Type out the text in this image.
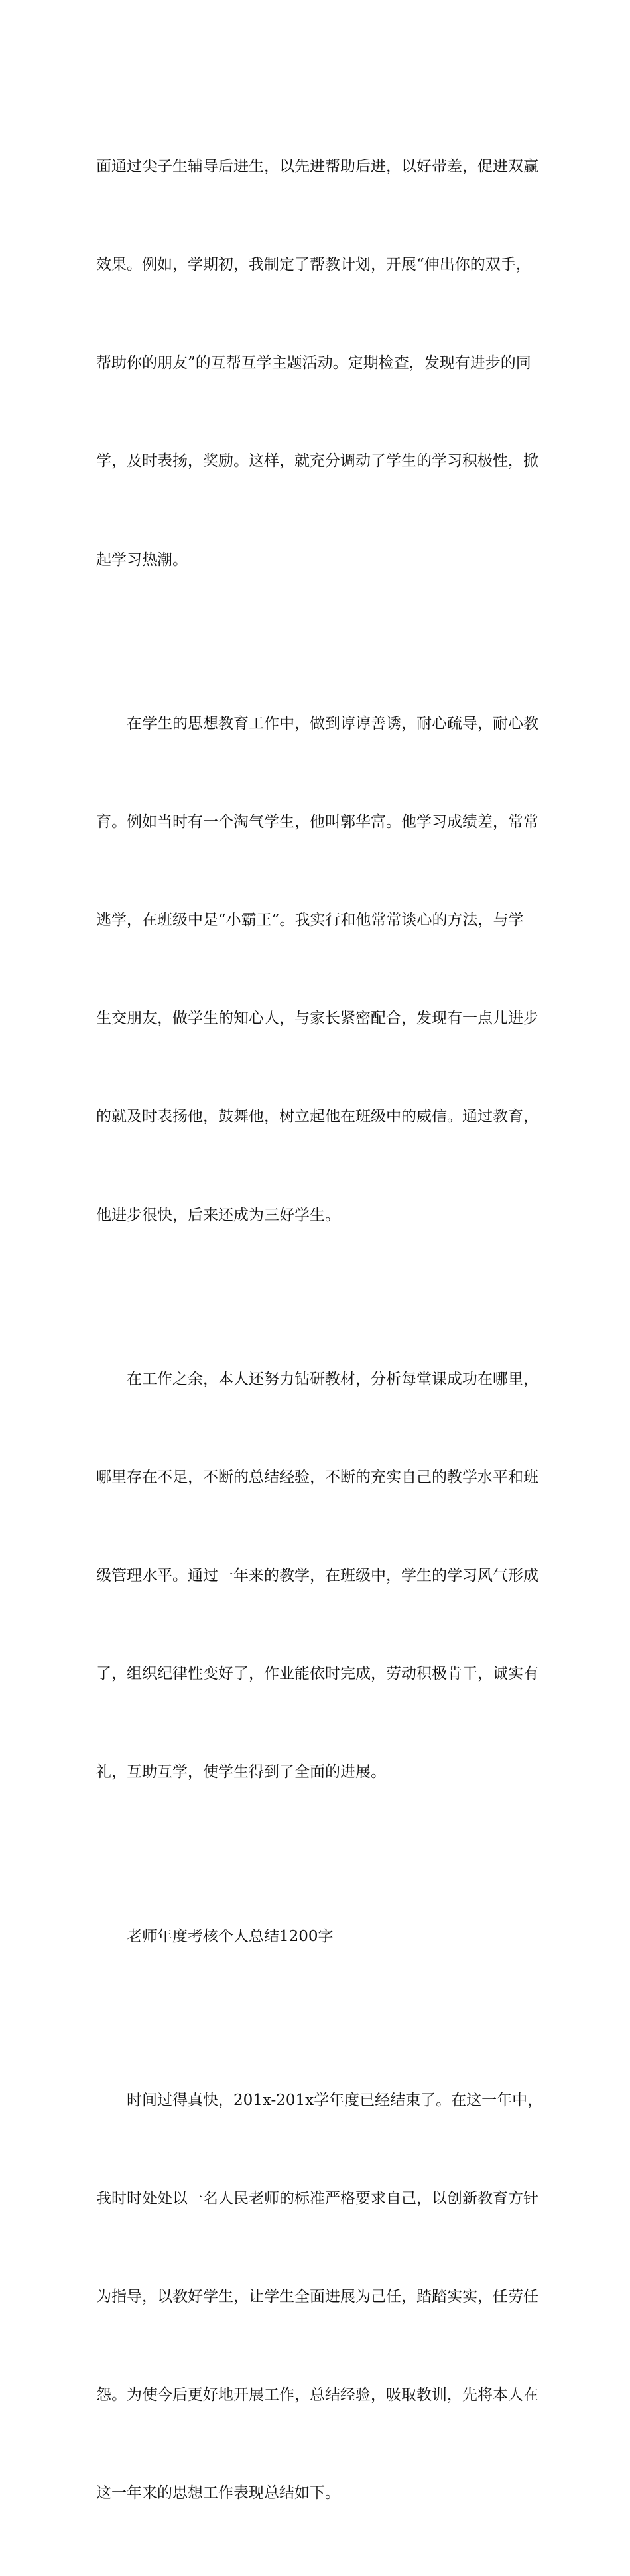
面通过尖子生辅导后进生，以先进帮助后进，以好带差，促进双赢

效果。例如，学期初，我制定了帮教计划，开展“伸出你的双手，

帮助你的朋友”的互帮互学主题活动。定期检查，发现有进步的同

学，及时表扬，奖励。这样，就充分调动了学生的学习积极性，掀

起学习热潮。

　　在学生的思想教育工作中，做到谆谆善诱，耐心疏导，耐心教

育。例如当时有一个淘气学生，他叫郭华富。他学习成绩差，常常

逃学，在班级中是“小霸王”。我实行和他常常谈心的方法，与学

生交朋友，做学生的知心人，与家长紧密配合，发现有一点儿进步

的就及时表扬他，鼓舞他，树立起他在班级中的威信。通过教育，

他进步很快，后来还成为三好学生。

　　在工作之余，本人还努力钻研教材，分析每堂课成功在哪里，

哪里存在不足，不断的总结经验，不断的充实自己的教学水平和班

级管理水平。通过一年来的教学，在班级中，学生的学习风气形成

了，组织纪律性变好了，作业能依时完成，劳动积极肯干，诚实有

礼，互助互学，使学生得到了全面的进展。

　　老师年度考核个人总结1200字

　　时间过得真快，201x-201x学年度已经结束了。在这一年中，

我时时处处以一名人民老师的标准严格要求自己，以创新教育方针

为指导，以教好学生，让学生全面进展为己任，踏踏实实，任劳任

怨。为使今后更好地开展工作，总结经验，吸取教训，先将本人在

这一年来的思想工作表现总结如下。
